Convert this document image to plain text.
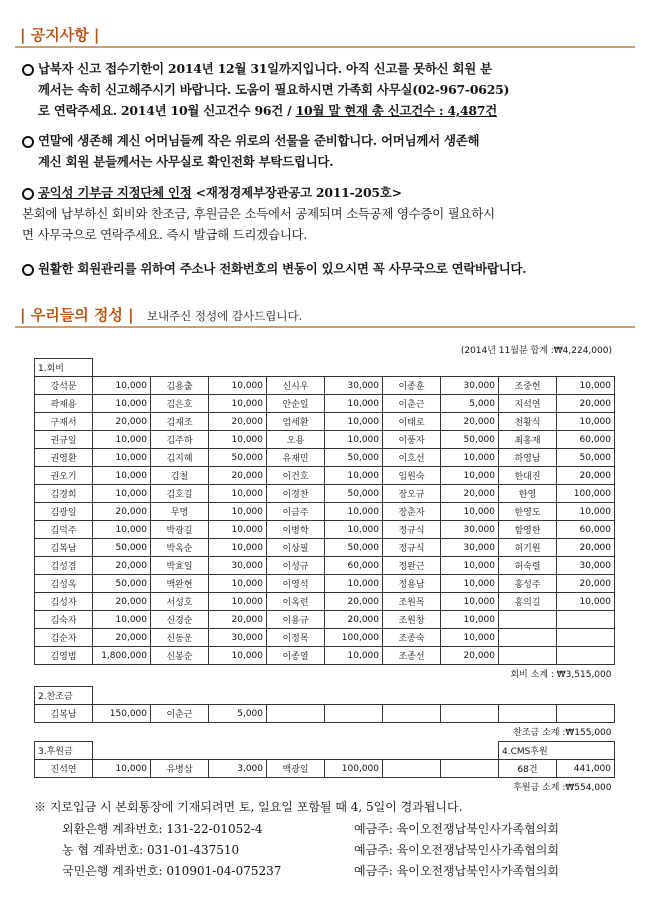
| 공지사항 |
납북자 신고 접수기한이 2014년 12월 31일까지입니다. 아직 신고를 못하신 회원 분
께서는 속히 신고해주시기 바랍니다. 도움이 필요하시면 가족회 사무실(02-967-0625)
로 연락주세요. 2014년 10월 신고건수 96건 / 10월 말 현재 총 신고건수 : 4,487건
연말에 생존해 계신 어머님들께 작은 위로의 선물을 준비합니다. 어머님께서 생존해
계신 회원 분들께서는 사무실로 확인전화 부탁드립니다.
공익성 기부금 지정단체 인정 <재정경제부장관공고 2011-205호>
본회에 납부하신 회비와 찬조금, 후원금은 소득에서 공제되며 소득공제 영수증이 필요하시
면 사무국으로 연락주세요. 즉시 발급해 드리겠습니다.
원활한 회원관리를 위하여 주소나 전화번호의 변동이 있으시면 꼭 사무국으로 연락바랍니다.
| 우리들의 정성 | 보내주신 정성에 감사드립니다.
(2014년 11월분 합계 :₩4,224,000)
1.회비									
강석문	10,000	김용출	10,000	신시우	30,000	이종훈	30,000	조중헌	10,000
곽재용	10,000	김은호	10,000	안순일	10,000	이춘근	5,000	지석연	20,000
구재서	20,000	김재조	20,000	엄세환	10,000	이태로	20,000	천황식	10,000
권규일	10,000	김주하	10,000	오용	10,000	이풍자	50,000	최홍재	60,000
권영환	10,000	김지혜	50,000	유재민	50,000	이호선	10,000	하영남	50,000
권오기	10,000	김철	20,000	이건호	10,000	임원숙	10,000	한대진	20,000
김경희	10,000	김호길	10,000	이경찬	50,000	장오규	20,000	한영	100,000
김광일	20,000	무명	10,000	이금주	10,000	장춘자	10,000	한영도	10,000
김덕주	10,000	박광길	10,000	이병학	10,000	정규식	30,000	함영한	60,000
김복남	50,000	박옥순	10,000	이상필	50,000	정규식	30,000	허기원	20,000
김성겸	20,000	박효일	30,000	이성규	60,000	정완근	10,000	허숙렬	30,000
김성옥	50,000	백완현	10,000	이영석	10,000	정용남	10,000	홍성주	20,000
김성자	20,000	서성호	10,000	이옥련	20,000	조원목	10,000	홍의길	10,000
김숙자	10,000	신경순	20,000	이용규	20,000	조원창	10,000		
김순자	20,000	신동운	30,000	이정목	100,000	조종숙	10,000		
김영범	1,800,000	신봉순	10,000	이종열	10,000	조종선	20,000		
회비 소계 : ₩3,515,000									
2.찬조금									
김복남	150,000	이춘근	5,000						
찬조금 소계 :₩155,000									
3.후원금								4.CMS후원	
진석연	10,000	유병삼	3,000	백광일	100,000			68건	441,000
후원금 소계 :₩554,000									
※ 지로입금 시 본회통장에 기재되려면 토, 일요일 포함될 때 4, 5일이 경과됩니다.
외환은행 계좌번호: 131-22-01052-4	예금주: 육이오전쟁납북인사가족협의회
농 협 계좌번호: 031-01-437510	예금주: 육이오전쟁납북인사가족협의회
국민은행 계좌번호: 010901-04-075237	예금주: 육이오전쟁납북인사가족협의회
